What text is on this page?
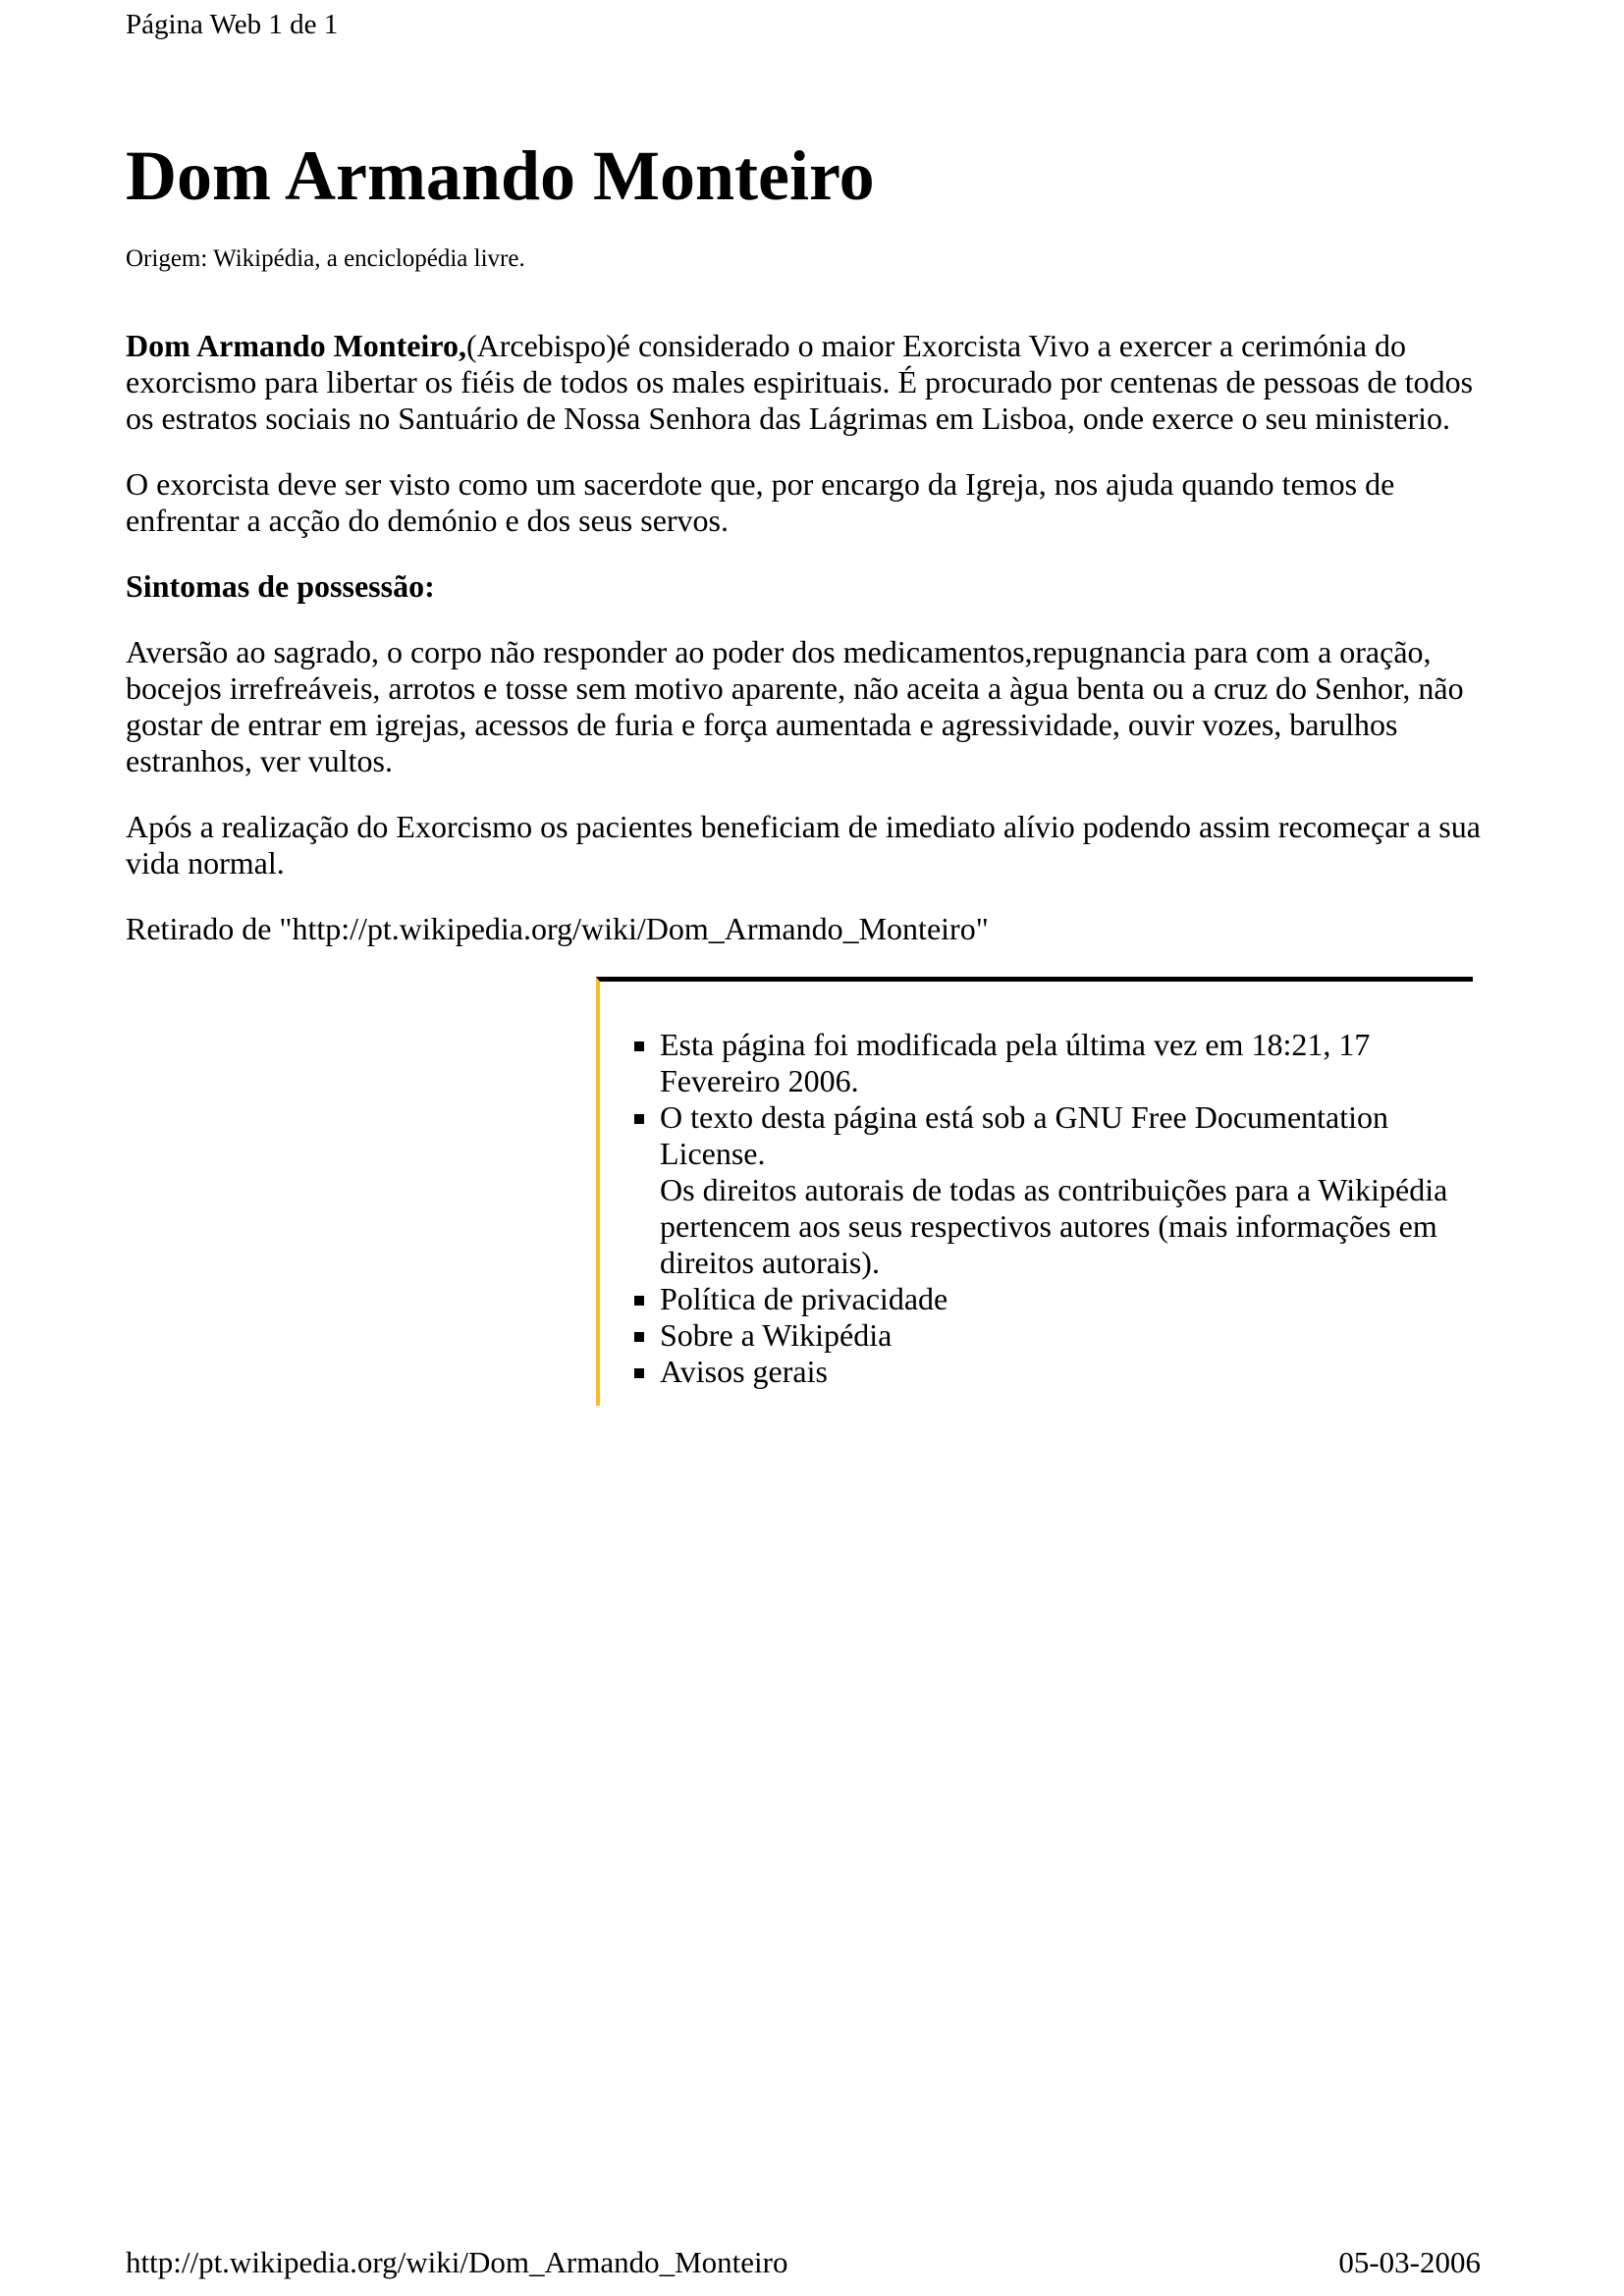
Página Web 1 de 1
Dom Armando Monteiro
Origem: Wikipédia, a enciclopédia livre.

Dom Armando Monteiro,(Arcebispo)é considerado o maior Exorcista Vivo a exercer a cerimónia do exorcismo para libertar os fiéis de todos os males espirituais. É procurado por centenas de pessoas de todos os estratos sociais no Santuário de Nossa Senhora das Lágrimas em Lisboa, onde exerce o seu ministerio.

O exorcista deve ser visto como um sacerdote que, por encargo da Igreja, nos ajuda quando temos de enfrentar a acção do demónio e dos seus servos.

Sintomas de possessão:

Aversão ao sagrado, o corpo não responder ao poder dos medicamentos,repugnancia para com a oração, bocejos irrefreáveis, arrotos e tosse sem motivo aparente, não aceita a àgua benta ou a cruz do Senhor, não gostar de entrar em igrejas, acessos de furia e força aumentada e agressividade, ouvir vozes, barulhos estranhos, ver vultos.

Após a realização do Exorcismo os pacientes beneficiam de imediato alívio podendo assim recomeçar a sua vida normal.

Retirado de "http://pt.wikipedia.org/wiki/Dom_Armando_Monteiro"

▪ Esta página foi modificada pela última vez em 18:21, 17 Fevereiro 2006.
▪ O texto desta página está sob a GNU Free Documentation License.
Os direitos autorais de todas as contribuições para a Wikipédia pertencem aos seus respectivos autores (mais informações em direitos autorais).
▪ Política de privacidade
▪ Sobre a Wikipédia
▪ Avisos gerais
http://pt.wikipedia.org/wiki/Dom_Armando_Monteiro	05-03-2006
